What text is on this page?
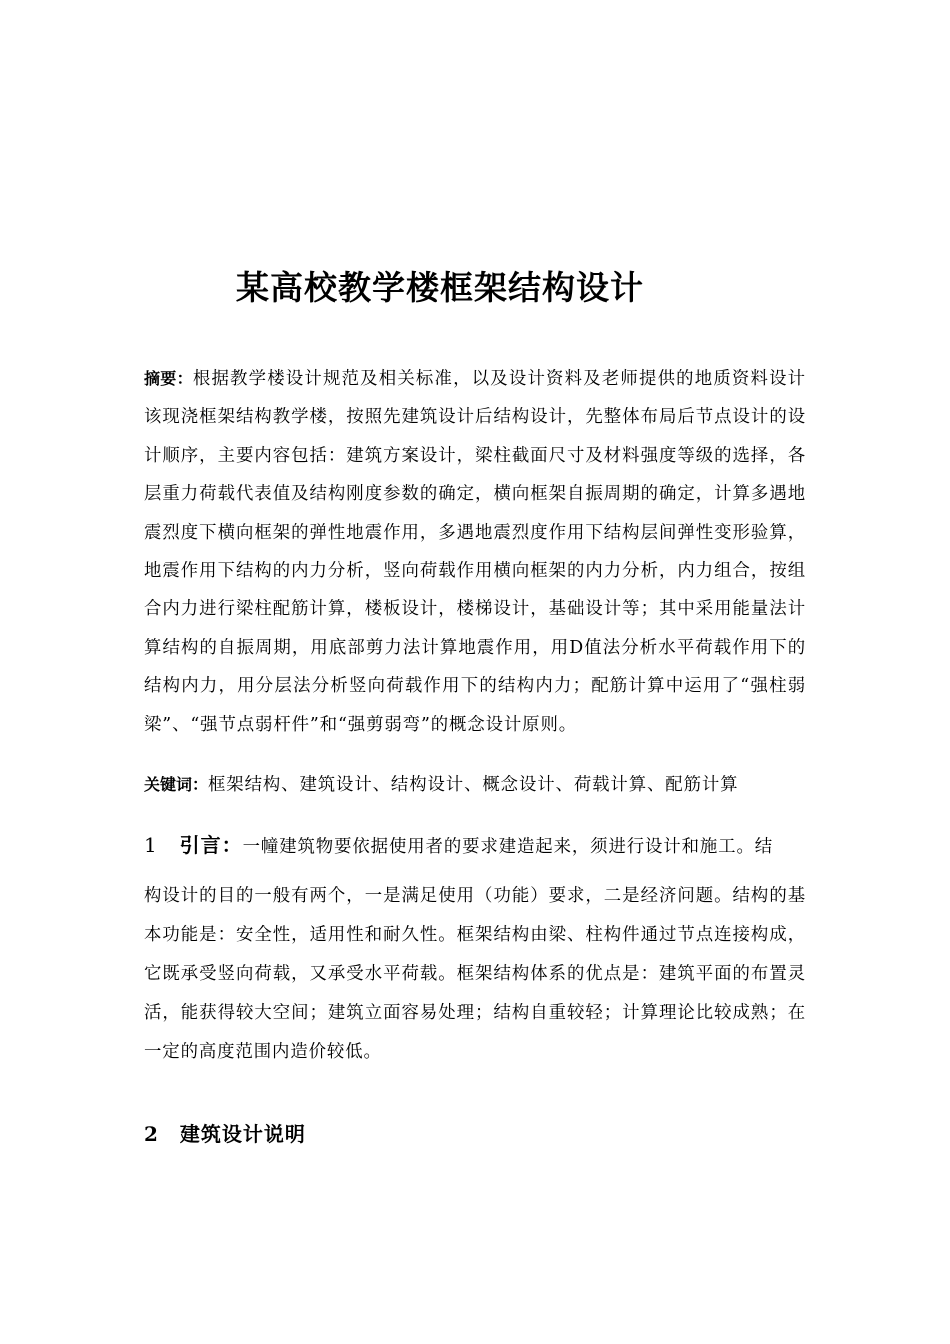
某高校教学楼框架结构设计

摘要：根据教学楼设计规范及相关标准，以及设计资料及老师提供的地质资料设计该现浇框架结构教学楼，按照先建筑设计后结构设计，先整体布局后节点设计的设计顺序，主要内容包括：建筑方案设计，梁柱截面尺寸及材料强度等级的选择，各层重力荷载代表值及结构刚度参数的确定，横向框架自振周期的确定，计算多遇地震烈度下横向框架的弹性地震作用，多遇地震烈度作用下结构层间弹性变形验算，地震作用下结构的内力分析，竖向荷载作用横向框架的内力分析，内力组合，按组合内力进行梁柱配筋计算，楼板设计，楼梯设计，基础设计等；其中采用能量法计算结构的自振周期，用底部剪力法计算地震作用，用D值法分析水平荷载作用下的结构内力，用分层法分析竖向荷载作用下的结构内力；配筋计算中运用了“强柱弱梁”、“强节点弱杆件”和“强剪弱弯”的概念设计原则。

关键词：框架结构、建筑设计、结构设计、概念设计、荷载计算、配筋计算

1 引言：一幢建筑物要依据使用者的要求建造起来，须进行设计和施工。结
构设计的目的一般有两个，一是满足使用（功能）要求，二是经济问题。结构的基本功能是：安全性，适用性和耐久性。框架结构由梁、柱构件通过节点连接构成，它既承受竖向荷载，又承受水平荷载。框架结构体系的优点是：建筑平面的布置灵活，能获得较大空间；建筑立面容易处理；结构自重较轻；计算理论比较成熟；在一定的高度范围内造价较低。
2 建筑设计说明
